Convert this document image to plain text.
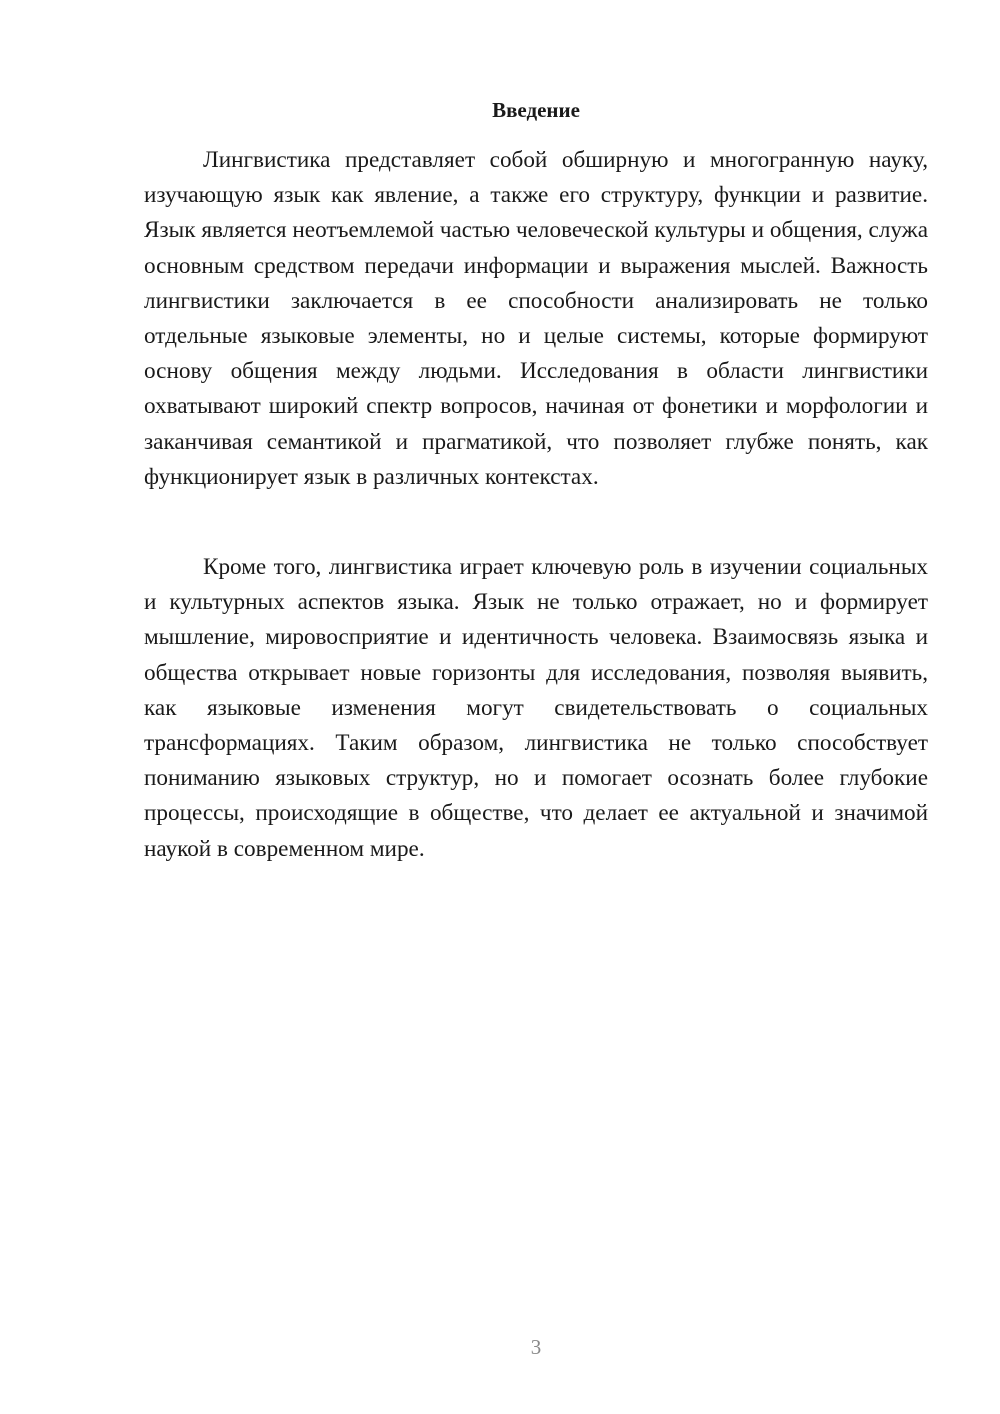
Введение

Лингвистика представляет собой обширную и многогранную науку, изучающую язык как явление, а также его структуру, функции и развитие. Язык является неотъемлемой частью человеческой культуры и общения, служа основным средством передачи информации и выражения мыслей. Важность лингвистики заключается в ее способности анализировать не только отдельные языковые элементы, но и целые системы, которые формируют основу общения между людьми. Исследования в области лингвистики охватывают широкий спектр вопросов, начиная от фонетики и морфологии и заканчивая семантикой и прагматикой, что позволяет глубже понять, как функционирует язык в различных контекстах.

Кроме того, лингвистика играет ключевую роль в изучении социальных и культурных аспектов языка. Язык не только отражает, но и формирует мышление, мировосприятие и идентичность человека. Взаимосвязь языка и общества открывает новые горизонты для исследования, позволяя выявить, как языковые изменения могут свидетельствовать о социальных трансформациях. Таким образом, лингвистика не только способствует пониманию языковых структур, но и помогает осознать более глубокие процессы, происходящие в обществе, что делает ее актуальной и значимой наукой в современном мире.

3
